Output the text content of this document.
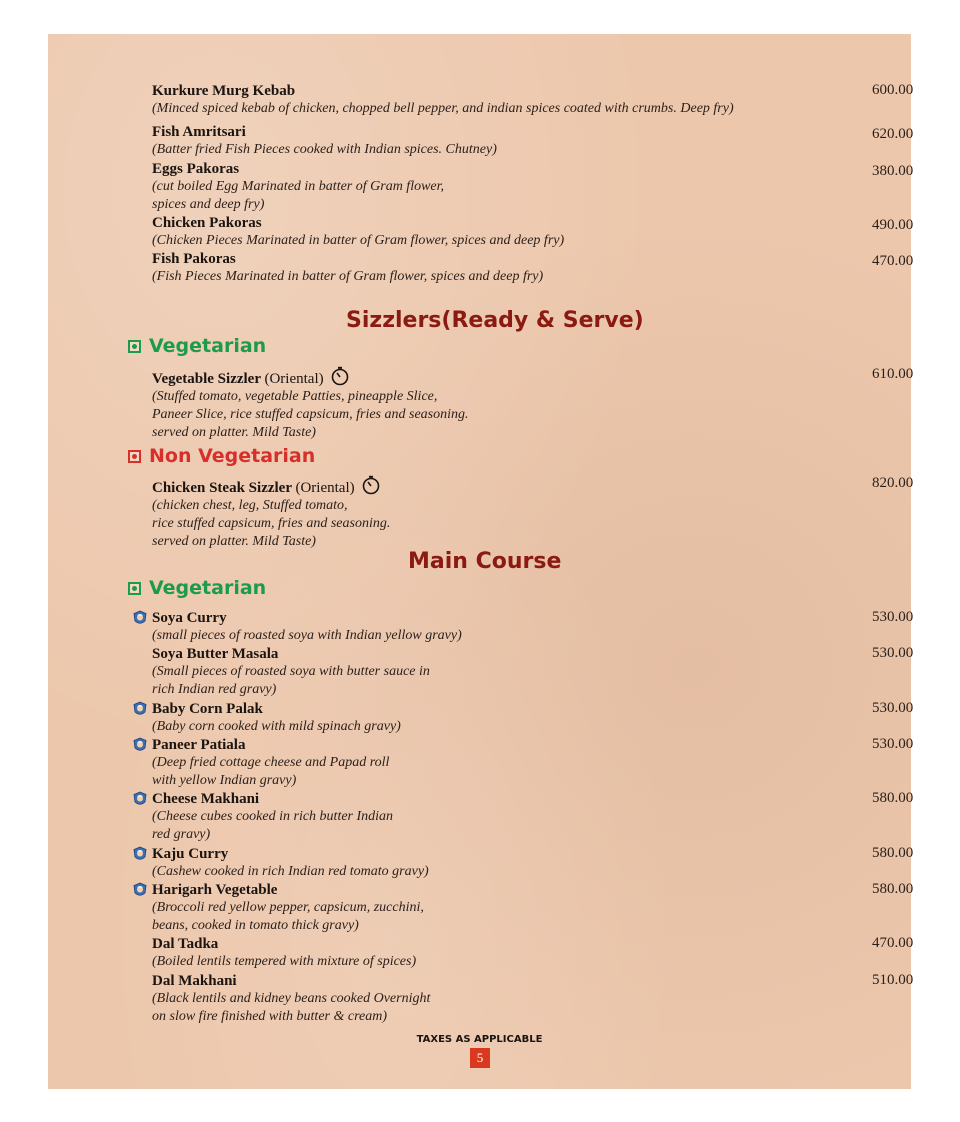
Kurkure Murg Kebab
(Minced spiced kebab of chicken, chopped bell pepper, and indian spices coated with crumbs. Deep fry)
600.00
Fish Amritsari
(Batter fried Fish Pieces cooked with Indian spices. Chutney)
620.00
Eggs Pakoras
(cut boiled Egg Marinated in batter of Gram flower,
spices and deep fry)
380.00
Chicken Pakoras
(Chicken Pieces Marinated in batter of Gram flower, spices and deep fry)
490.00
Fish Pakoras
(Fish Pieces Marinated in batter of Gram flower, spices and deep fry)
470.00
Sizzlers(Ready & Serve)
Vegetarian
Vegetable Sizzler (Oriental)
(Stuffed tomato, vegetable Patties, pineapple Slice,
Paneer Slice, rice stuffed capsicum, fries and seasoning.
served on platter. Mild Taste)
610.00
Non Vegetarian
Chicken Steak Sizzler (Oriental)
(chicken chest, leg, Stuffed tomato,
rice stuffed capsicum, fries and seasoning.
served on platter. Mild Taste)
820.00
Main Course
Vegetarian
Soya Curry
(small pieces of roasted soya with Indian yellow gravy)
530.00
Soya Butter Masala
(Small pieces of roasted soya with butter sauce in
rich Indian red gravy)
530.00
Baby Corn Palak
(Baby corn cooked with mild spinach gravy)
530.00
Paneer Patiala
(Deep fried cottage cheese and Papad roll
with yellow Indian gravy)
530.00
Cheese Makhani
(Cheese cubes cooked in rich butter Indian
red gravy)
580.00
Kaju Curry
(Cashew cooked in rich Indian red tomato gravy)
580.00
Harigarh Vegetable
(Broccoli red yellow pepper, capsicum, zucchini,
beans, cooked in tomato thick gravy)
580.00
Dal Tadka
(Boiled lentils tempered with mixture of spices)
470.00
Dal Makhani
(Black lentils and kidney beans cooked Overnight
on slow fire finished with butter & cream)
510.00
TAXES AS APPLICABLE
5
